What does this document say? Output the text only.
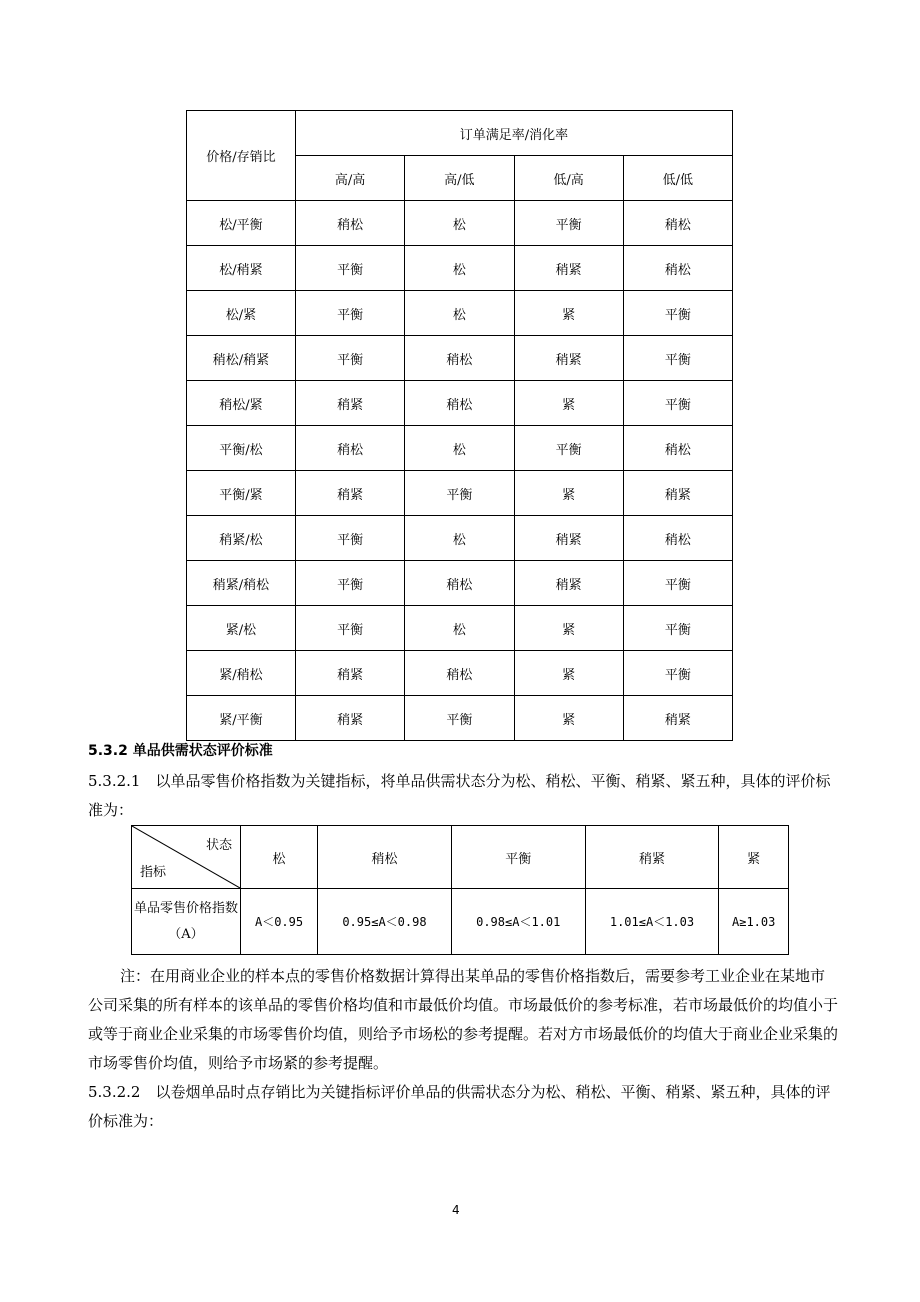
价格/存销比	订单满足率/消化率			
	高/高	高/低	低/高	低/低
松/平衡	稍松	松	平衡	稍松
松/稍紧	平衡	松	稍紧	稍松
松/紧	平衡	松	紧	平衡
稍松/稍紧	平衡	稍松	稍紧	平衡
稍松/紧	稍紧	稍松	紧	平衡
平衡/松	稍松	松	平衡	稍松
平衡/紧	稍紧	平衡	紧	稍紧
稍紧/松	平衡	松	稍紧	稍松
稍紧/稍松	平衡	稍松	稍紧	平衡
紧/松	平衡	松	紧	平衡
紧/稍松	稍紧	稍松	紧	平衡
紧/平衡	稍紧	平衡	紧	稍紧
5.3.2 单品供需状态评价标准
5.3.2.1　以单品零售价格指数为关键指标，将单品供需状态分为松、稍松、平衡、稍紧、紧五种，具体的评价标准为：
状态
指标	松	稍松	平衡	稍紧	紧
单品零售价格指数（A）	A＜0.95	0.95≤A＜0.98	0.98≤A＜1.01	1.01≤A＜1.03	A≥1.03
注：在用商业企业的样本点的零售价格数据计算得出某单品的零售价格指数后，需要参考工业企业在某地市公司采集的所有样本的该单品的零售价格均值和市最低价均值。市场最低价的参考标准，若市场最低价的均值小于或等于商业企业采集的市场零售价均值，则给予市场松的参考提醒。若对方市场最低价的均值大于商业企业采集的市场零售价均值，则给予市场紧的参考提醒。
5.3.2.2　以卷烟单品时点存销比为关键指标评价单品的供需状态分为松、稍松、平衡、稍紧、紧五种，具体的评价标准为：
4
